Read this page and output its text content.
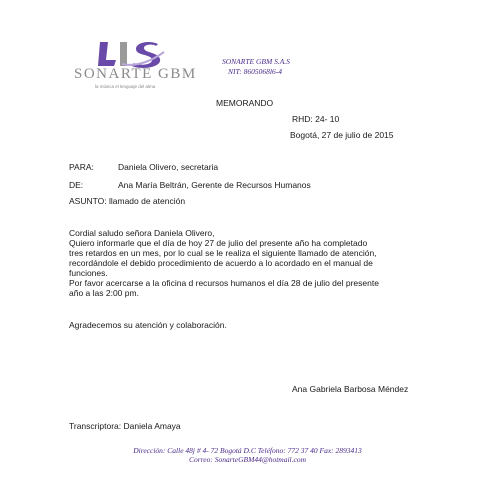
SONARTE GBM
la música el lenguaje del alma
SONARTE GBM S.A.S
NIT: 8605068l6-4
MEMORANDO
RHD: 24- 10
Bogotá, 27 de julio de 2015
PARA:	Daniela Olivero, secretaria
DE:	Ana María Beltrán, Gerente de Recursos Humanos
ASUNTO: llamado de atención
Cordial saludo señora Daniela Olivero,
Quiero informarle que el día de hoy 27 de julio del presente año ha completado
tres retardos en un mes, por lo cual se le realiza el siguiente llamado de atención,
recordándole el debido procedimiento de acuerdo a lo acordado en el manual de
funciones.
Por favor acercarse a la oficina d recursos humanos el día 28 de julio del presente
año a las 2:00 pm.
Agradecemos su atención y colaboración.
Ana Gabriela Barbosa Méndez
Transcriptora: Daniela Amaya
Dirección: Calle 48j # 4- 72 Bogotá D.C Teléfono: 772 37 40 Fax: 2893413
Correo: SonarteGBM44@hotmail.com
